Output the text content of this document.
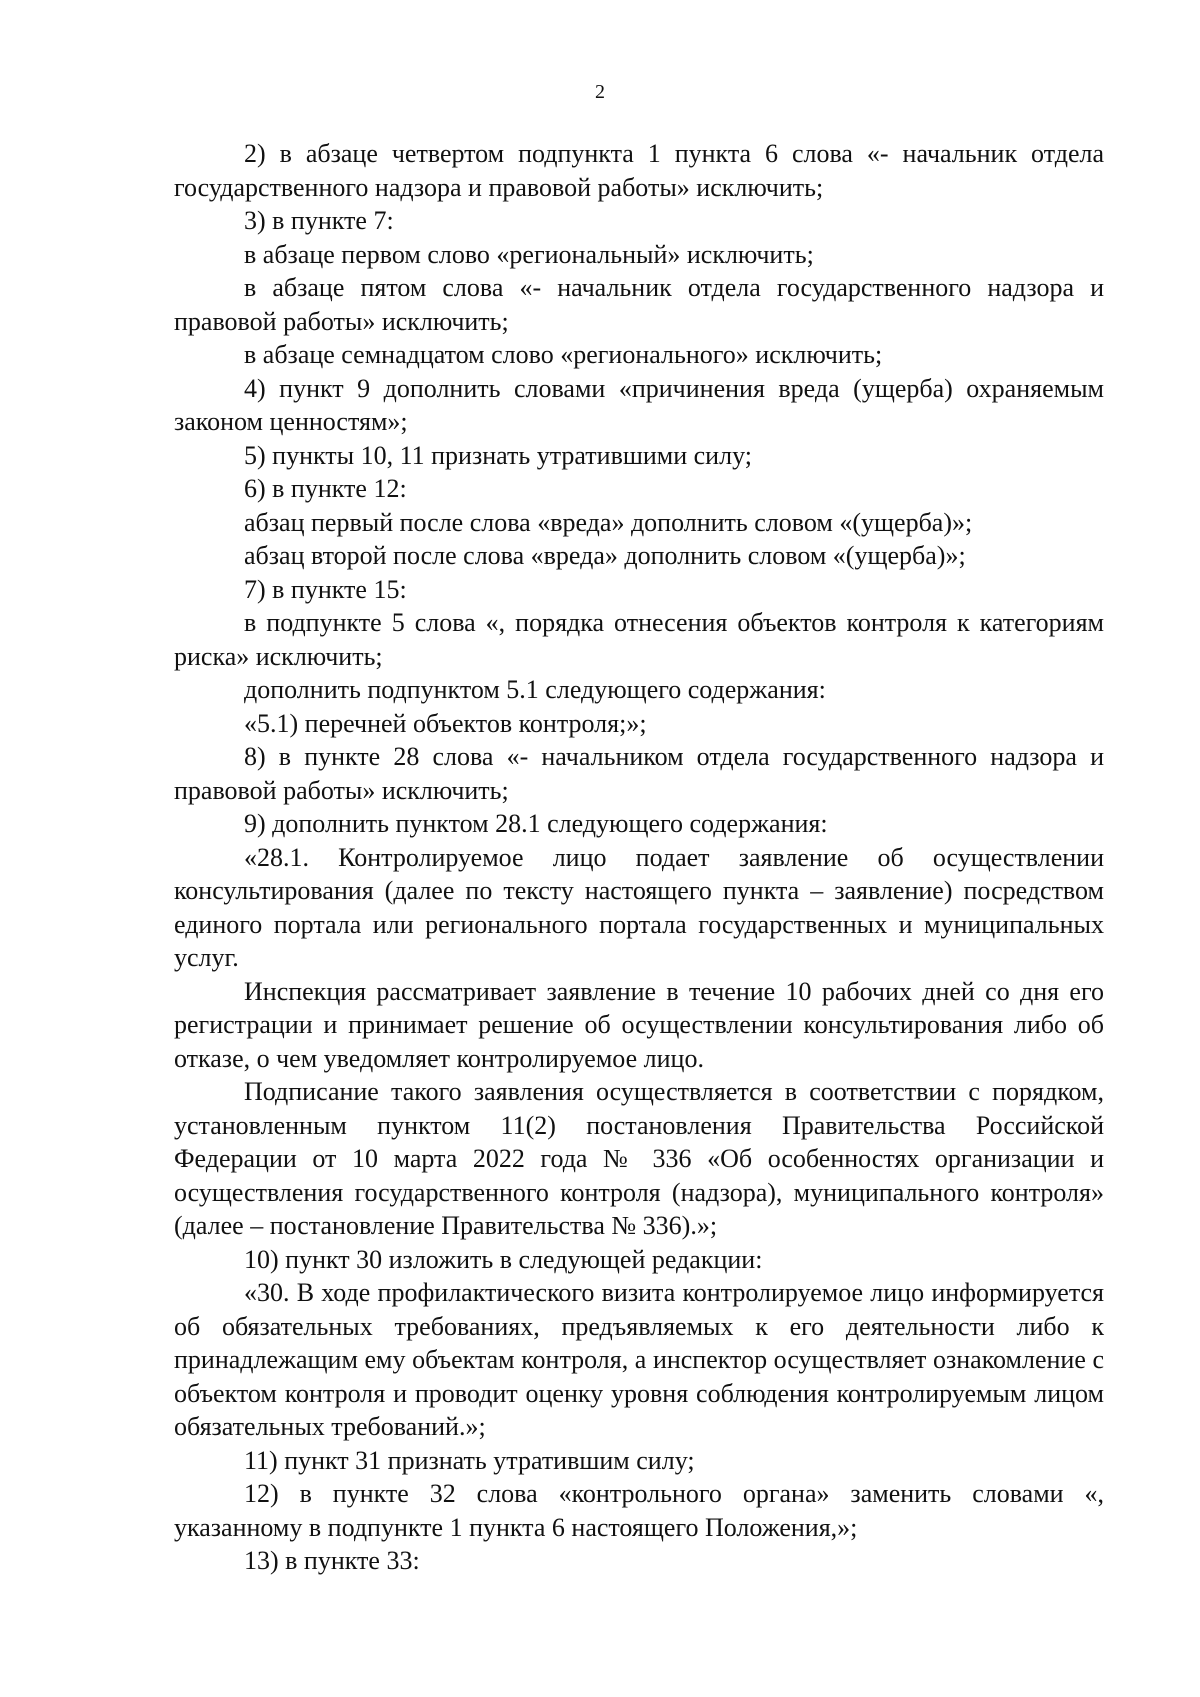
2

2) в абзаце четвертом подпункта 1 пункта 6 слова «- начальник отдела государственного надзора и правовой работы» исключить;

3) в пункте 7:

в абзаце первом слово «региональный» исключить;

в абзаце пятом слова «- начальник отдела государственного надзора и правовой работы» исключить;

в абзаце семнадцатом слово «регионального» исключить;

4) пункт 9 дополнить словами «причинения вреда (ущерба) охраняемым законом ценностям»;

5) пункты 10, 11 признать утратившими силу;

6) в пункте 12:

абзац первый после слова «вреда» дополнить словом «(ущерба)»;

абзац второй после слова «вреда» дополнить словом «(ущерба)»;

7) в пункте 15:

в подпункте 5 слова «, порядка отнесения объектов контроля к категориям риска» исключить;

дополнить подпунктом 5.1 следующего содержания:

«5.1) перечней объектов контроля;»;

8) в пункте 28 слова «- начальником отдела государственного надзора и правовой работы» исключить;

9) дополнить пунктом 28.1 следующего содержания:

«28.1. Контролируемое лицо подает заявление об осуществлении консультирования (далее по тексту настоящего пункта – заявление) посредством единого портала или регионального портала государственных и муниципальных услуг.

Инспекция рассматривает заявление в течение 10 рабочих дней со дня его регистрации и принимает решение об осуществлении консультирования либо об отказе, о чем уведомляет контролируемое лицо.

Подписание такого заявления осуществляется в соответствии с порядком, установленным пунктом 11(2) постановления Правительства Российской Федерации от 10 марта 2022 года № 336 «Об особенностях организации и осуществления государственного контроля (надзора), муниципального контроля» (далее – постановление Правительства № 336).»;

10) пункт 30 изложить в следующей редакции:

«30. В ходе профилактического визита контролируемое лицо информируется об обязательных требованиях, предъявляемых к его деятельности либо к принадлежащим ему объектам контроля, а инспектор осуществляет ознакомление с объектом контроля и проводит оценку уровня соблюдения контролируемым лицом обязательных требований.»;

11) пункт 31 признать утратившим силу;

12) в пункте 32 слова «контрольного органа» заменить словами «, указанному в подпункте 1 пункта 6 настоящего Положения,»;

13) в пункте 33:
